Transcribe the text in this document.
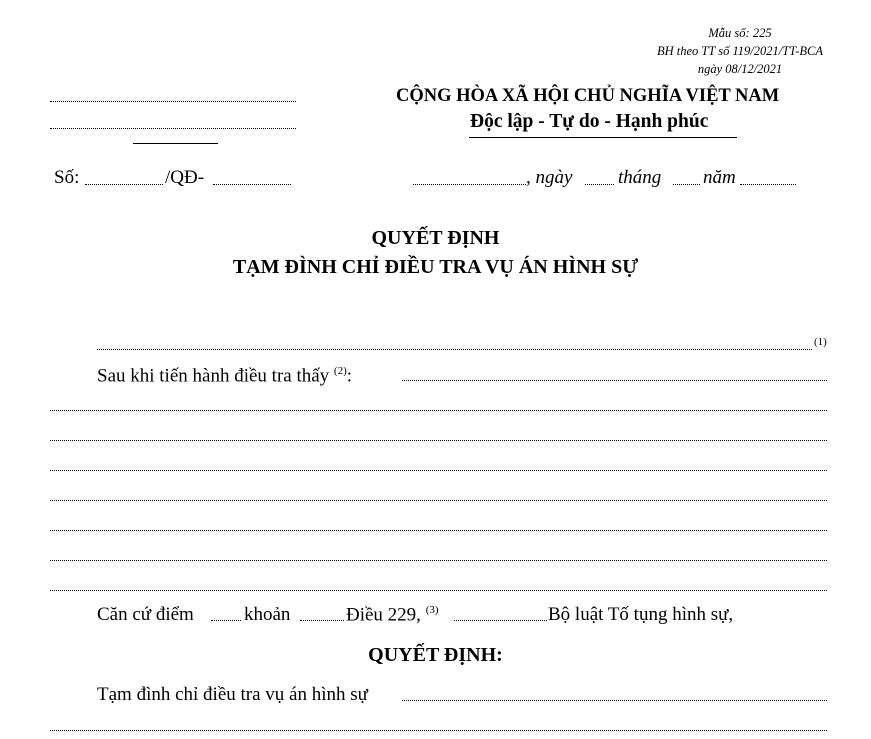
Mẫu số: 225
BH theo TT số 119/2021/TT-BCA
ngày 08/12/2021
CỘNG HÒA XÃ HỘI CHỦ NGHĨA VIỆT NAM
Độc lập - Tự do - Hạnh phúc
Số:	/QĐ-	, ngày tháng năm
QUYẾT ĐỊNH
TẠM ĐÌNH CHỈ ĐIỀU TRA VỤ ÁN HÌNH SỰ
(1)
Sau khi tiến hành điều tra thấy $^{(2)}$:
Căn cứ điểm	khoản	Điều 229, $^{(3)}$	Bộ luật Tố tụng hình sự,
QUYẾT ĐỊNH:
Tạm đình chỉ điều tra vụ án hình sự
